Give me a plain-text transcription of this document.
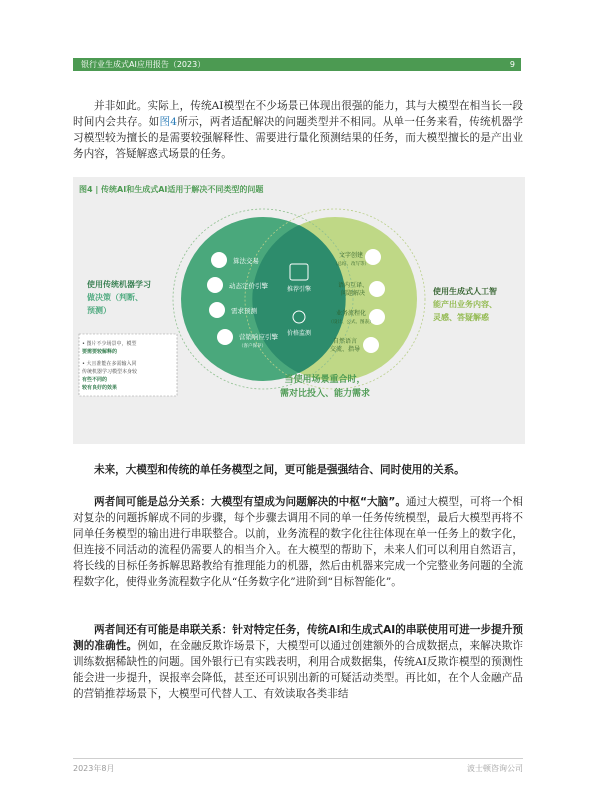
银行业生成式AI应用报告（2023）	9
并非如此。实际上，传统AI模型在不少场景已体现出很强的能力，其与大模型在相当长一段时间内会共存。如图4所示，两者适配解决的问题类型并不相同。从单一任务来看，传统机器学习模型较为擅长的是需要较强解释性、需要进行量化预测结果的任务，而大模型擅长的是产出业务内容，答疑解惑式场景的任务。
图4 | 传统AI和生成式AI适用于解决不同类型的问题
算法交易
动态定价引擎
需求预测
营销响应引擎
（客户保存）
推荐引擎
价格监测
文字创建
（总结、改写等）
语内互译、
问题解决
业务流程化
（设计、公式、图表）
自然语言
交流、指导
使用传统机器学习
做决策（判断、
预测）
使用生成式人工智
能产出业务内容、
灵感、答疑解惑
• 图片不少场景中，模型
要需要较解释的
• 大且准能在多需输入同
传统机器学习模型本身较
有些不同的
较有良好的效果
当使用场景重合时，
需对比投入、能力需求
未来，大模型和传统的单任务模型之间，更可能是强强结合、同时使用的关系。
两者间可能是总分关系：大模型有望成为问题解决的中枢“大脑”。通过大模型，可将一个相对复杂的问题拆解成不同的步骤，每个步骤去调用不同的单一任务传统模型，最后大模型再将不同单任务模型的输出进行串联整合。以前，业务流程的数字化往往体现在单一任务上的数字化，但连接不同活动的流程仍需要人的相当介入。在大模型的帮助下，未来人们可以利用自然语言，将长线的目标任务拆解思路教给有推理能力的机器，然后由机器来完成一个完整业务问题的全流程数字化，使得业务流程数字化从“任务数字化”进阶到“目标智能化”。
两者间还有可能是串联关系：针对特定任务，传统AI和生成式AI的串联使用可进一步提升预测的准确性。例如，在金融反欺诈场景下，大模型可以通过创建额外的合成数据点，来解决欺诈训练数据稀缺性的问题。国外银行已有实践表明，利用合成数据集，传统AI反欺诈模型的预测性能会进一步提升，误报率会降低，甚至还可识别出新的可疑活动类型。再比如，在个人金融产品的营销推荐场景下，大模型可代替人工、有效读取各类非结
2023年8月	波士顿咨询公司
